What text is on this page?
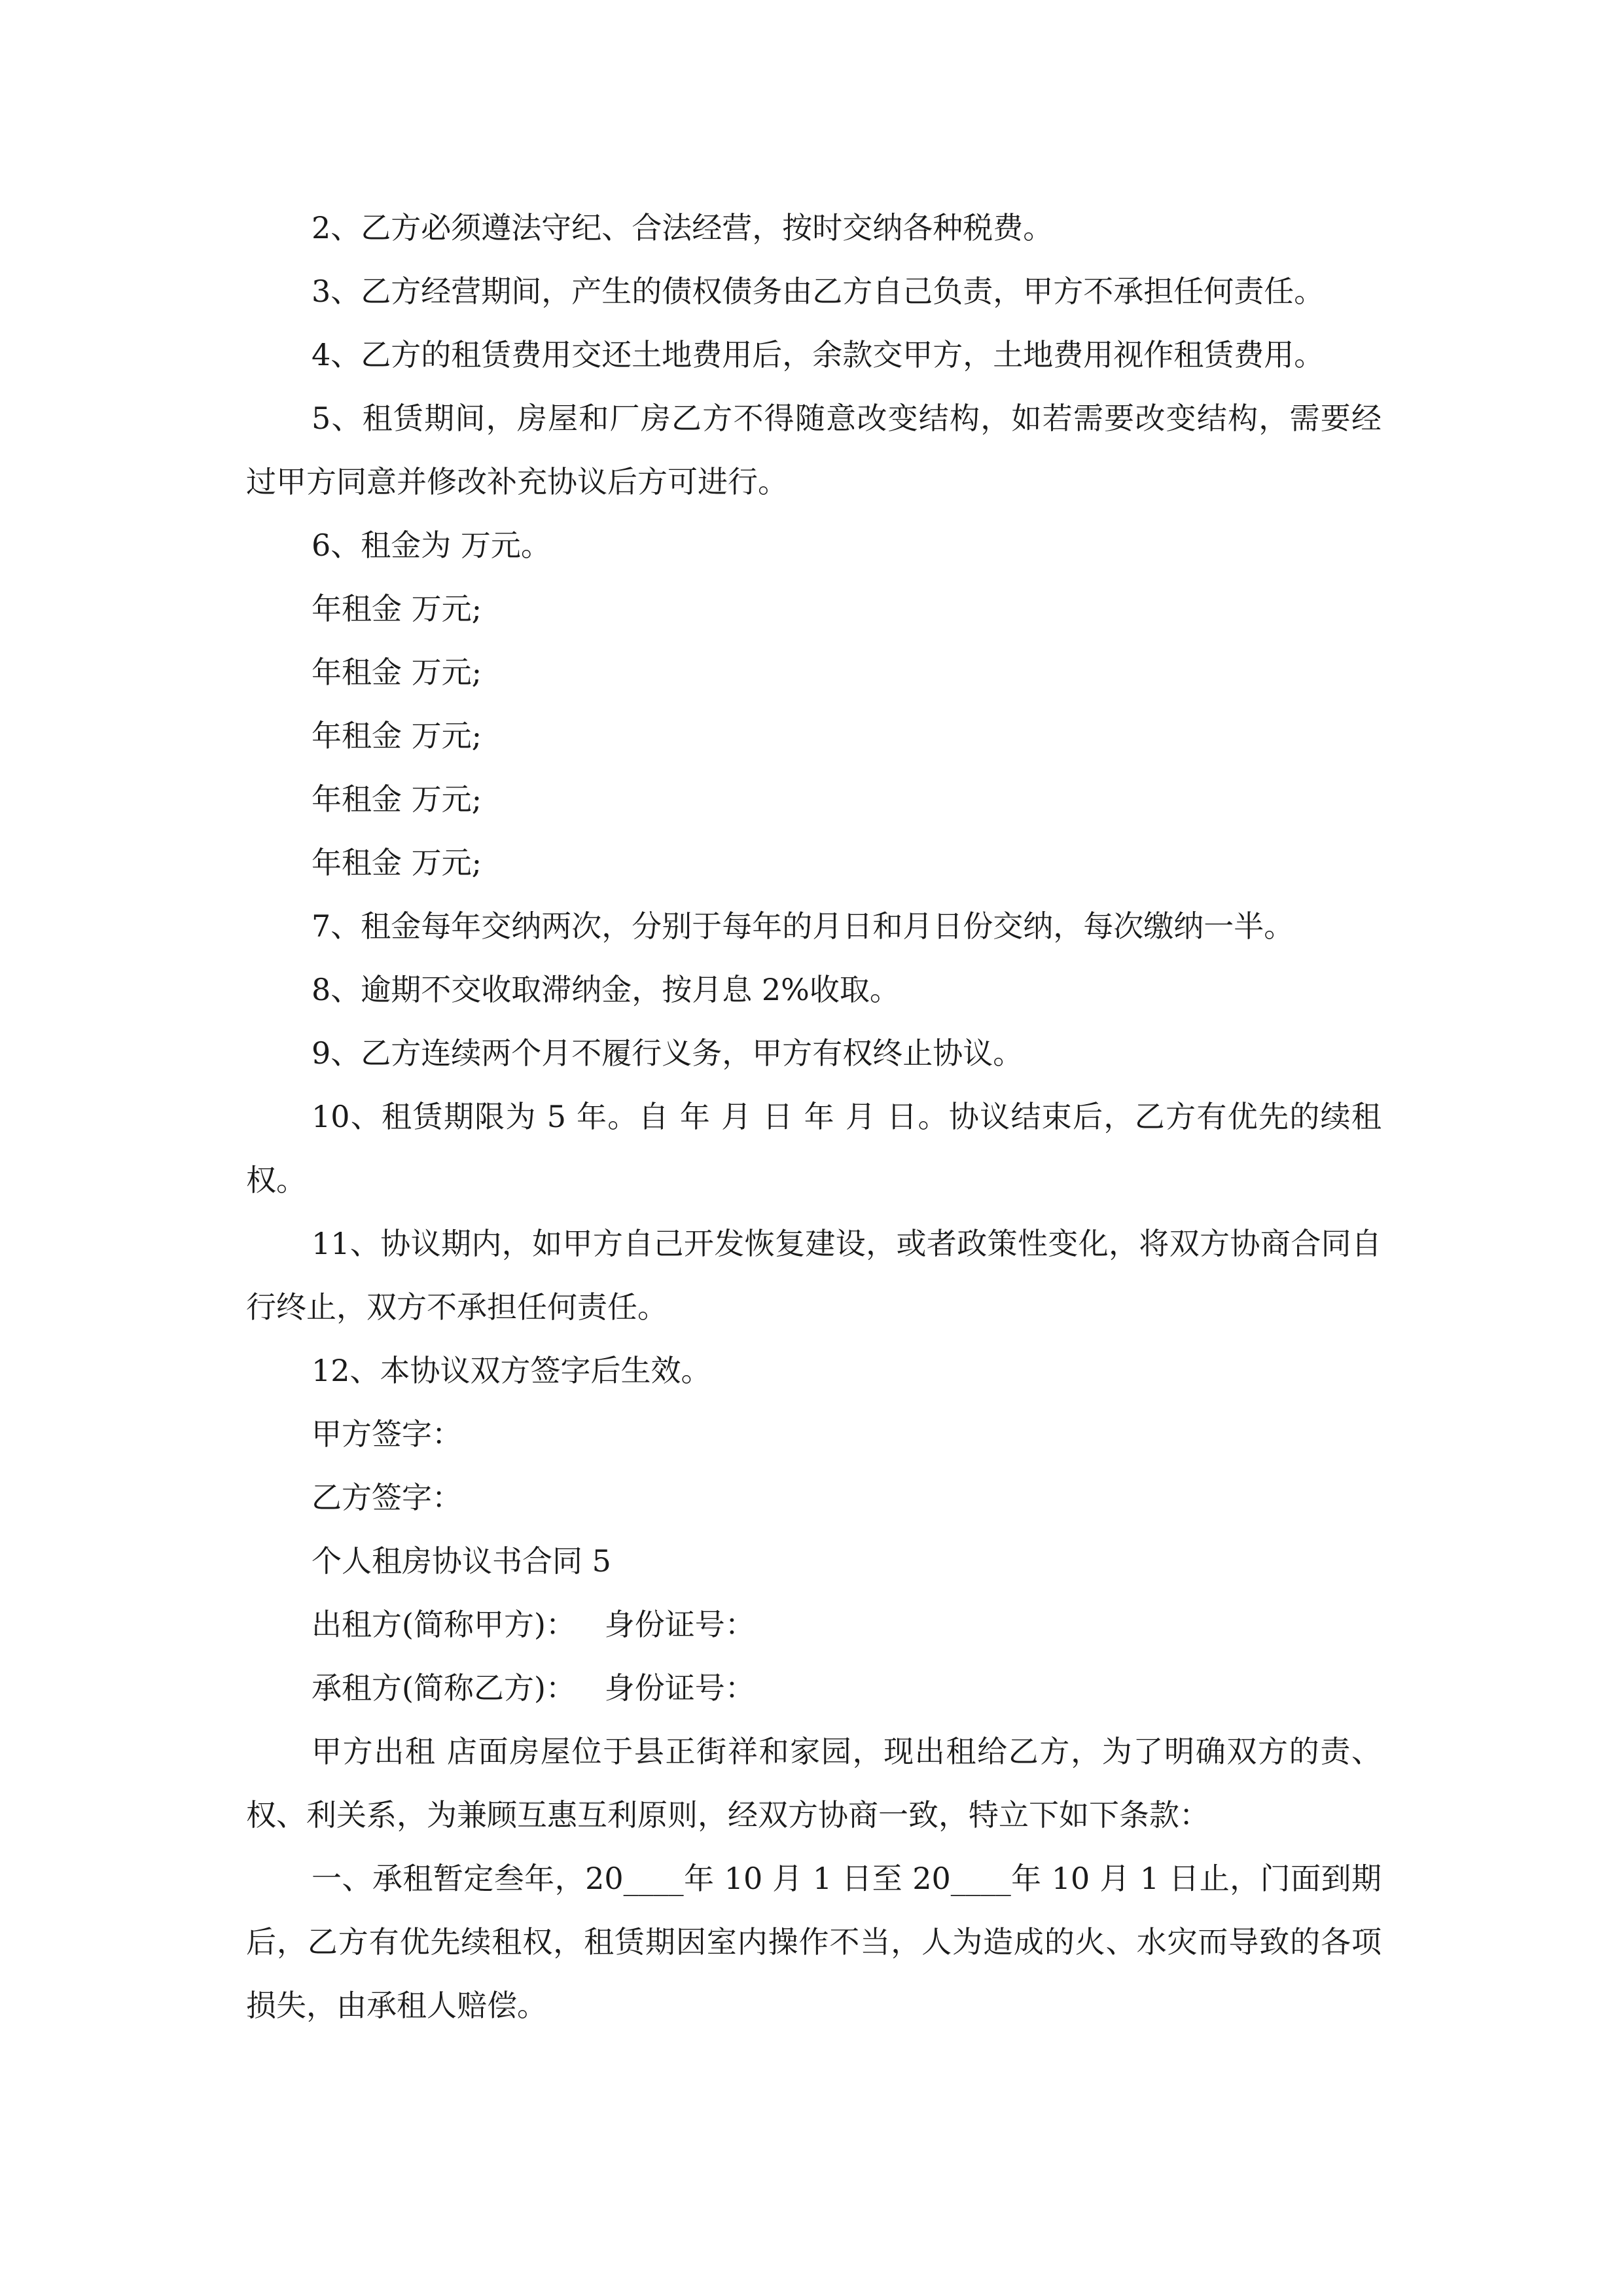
2、乙方必须遵法守纪、合法经营，按时交纳各种税费。

3、乙方经营期间，产生的债权债务由乙方自己负责，甲方不承担任何责任。

4、乙方的租赁费用交还土地费用后，余款交甲方，土地费用视作租赁费用。

5、租赁期间，房屋和厂房乙方不得随意改变结构，如若需要改变结构，需要经过甲方同意并修改补充协议后方可进行。

6、租金为 万元。

年租金 万元;

年租金 万元;

年租金 万元;

年租金 万元;

年租金 万元;

7、租金每年交纳两次，分别于每年的月日和月日份交纳，每次缴纳一半。

8、逾期不交收取滞纳金，按月息 2%收取。

9、乙方连续两个月不履行义务，甲方有权终止协议。

10、租赁期限为 5 年。自 年 月 日 年 月 日。协议结束后，乙方有优先的续租权。

11、协议期内，如甲方自己开发恢复建设，或者政策性变化，将双方协商合同自行终止，双方不承担任何责任。

12、本协议双方签字后生效。

甲方签字：

乙方签字：

个人租房协议书合同 5

出租方(简称甲方)：   身份证号：

承租方(简称乙方)：   身份证号：

甲方出租 店面房屋位于县正街祥和家园，现出租给乙方，为了明确双方的责、权、利关系，为兼顾互惠互利原则，经双方协商一致，特立下如下条款：

一、承租暂定叁年，20____年 10 月 1 日至 20____年 10 月 1 日止，门面到期后，乙方有优先续租权，租赁期因室内操作不当，人为造成的火、水灾而导致的各项损失，由承租人赔偿。
